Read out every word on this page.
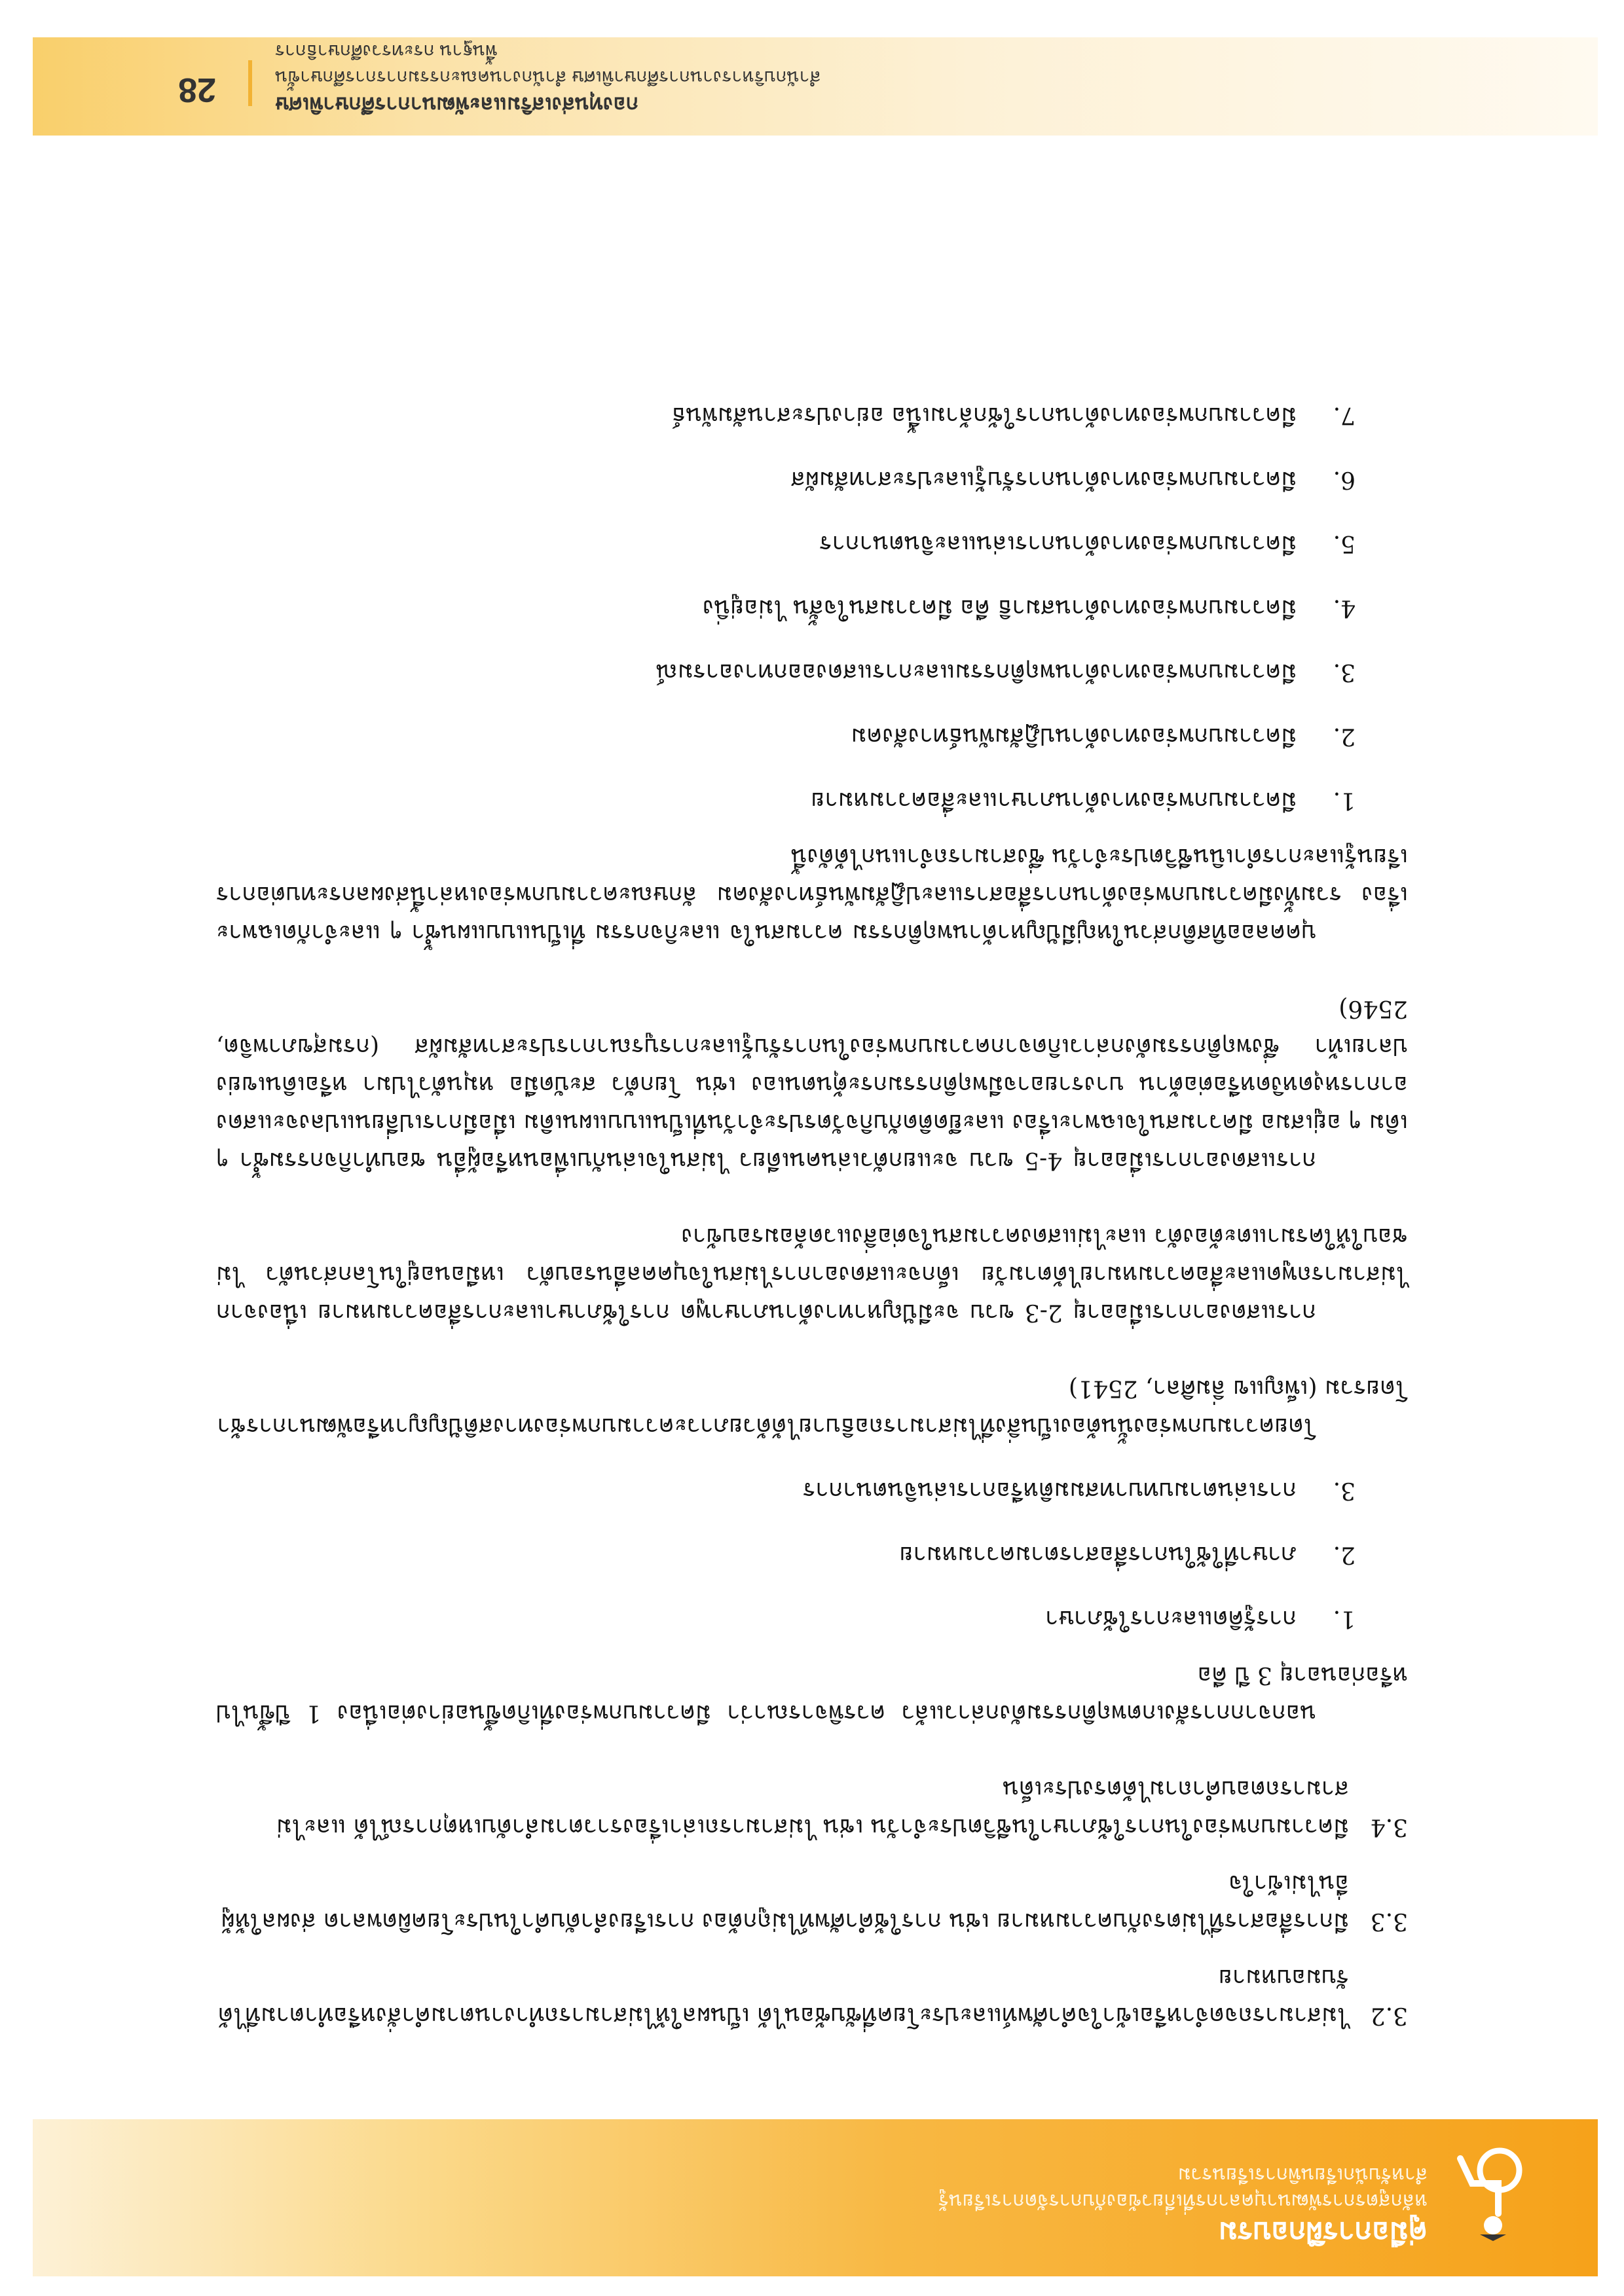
คู่มือการฝึกอบรม
หลักสูตรการพัฒนาบุคลากรที่เกี่ยวข้องกับการจัดการเรียนรู้
สำหรับนักเรียนพิการเรียนรวม
3.2
ไม่สามารถจดจำหรือเข้าใจคำศัพท์และประโยคที่ซับซ้อนได้ เป็นผลให้ไม่สามารถทำงานตามคำสั่งหรือทำตามที่ได้รับมอบหมาย
3.3
มีการสื่อสารที่ไม่ตรงกับความหมาย เช่น การใช้คำศัพท์ไม่ถูกต้อง การเรียงลำดับคำในประโยคผิดพลาด ส่งผลให้ผู้อื่นไม่เข้าใจ
3.4
มีความบกพร่องในการใช้ภาษาในชีวิตประจำวัน เช่น ไม่สามารถเล่าเรื่องราวตามลำดับเหตุการณ์ได้ และไม่สามารถตอบคำถามได้ตรงประเด็น

นอกจากการสังเกตพฤติกรรมดังกล่าวแล้ว ควรพิจารณาว่า มีความบกพร่องที่เกิดขึ้นอย่างต่อเนื่อง 1 ปีขึ้นไป หรือก่อนอายุ 3 ปี คือ

1.
การรู้คิดและการใช้ภาษา
2.
ภาษาที่ใช้ในการสื่อสารตามความหมาย
3.
การเล่นตามบทบาทสมมติหรือการเล่นจินตนาการ

โดยความบกพร่องนั้นต้องเป็นสิ่งที่ไม่สามารถอธิบายได้ด้วยภาวะความบกพร่องทางสติปัญญาหรือพัฒนาการช้าโดยรวม (เพ็ญแข ลิ่มศิลา, 2541)

การแสดงอาการเมื่ออายุ 2-3 ขวบ จะมีปัญหาทางด้านภาษาพูด การใช้ภาษาและการสื่อความหมาย เนื่องจากไม่สามารถพูดและสื่อความหมายได้ตามวัย เด็กจะแสดงอาการไม่สนใจบุคคลอื่นรอบตัว เหมือนอยู่ในโลกส่วนตัว ไม่ชอบให้ใครมาแตะต้องตัว และไม่แสดงความสนใจต่อสิ่งแวดล้อมรอบข้าง

การแสดงอาการเมื่ออายุ 4-5 ขวบ จะแยกตัวเล่นคนเดียว ไม่สนใจเล่นกับเพื่อนหรือผู้อื่น ชอบทำกิจกรรมซ้ำ ๆ เดิม ๆ อยู่เสมอ มีความสนใจเฉพาะเรื่อง และยึดติดกับกิจวัตรประจำวันที่เป็นแบบแผนเดิม เมื่อมีการเปลี่ยนแปลงจะแสดงอาการหงุดหงิดหรือต่อต้าน บางรายอาจมีพฤติกรรมกระตุ้นตนเอง เช่น โยกตัว สะบัดมือ หมุนตัวไปมา หรือเดินเขย่งปลายเท้า ซึ่งพฤติกรรมดังกล่าวเกิดจากความบกพร่องในการรับรู้และการบูรณาการประสาทสัมผัส (กรมสุขภาพจิต, 2546)

บุคคลออทิสติกส่วนใหญ่มีปัญหาด้านพฤติกรรม ความสนใจ และกิจกรรม ที่เป็นแบบแผนซ้ำ ๆ และจำกัดเฉพาะเรื่อง รวมทั้งมีความบกพร่องด้านการสื่อสารและปฏิสัมพันธ์ทางสังคม ลักษณะความบกพร่องเหล่านี้ส่งผลกระทบต่อการเรียนรู้และการดำเนินชีวิตประจำวัน ซึ่งสามารถจำแนกได้ดังนี้

1.
มีความบกพร่องทางด้านภาษาและสื่อความหมาย
2.
มีความบกพร่องทางด้านปฏิสัมพันธ์ทางสังคม
3.
มีความบกพร่องทางด้านพฤติกรรมและการแสดงออกทางอารมณ์
4.
มีความบกพร่องทางด้านสมาธิ คือ มีความสนใจสั้น ไม่อยู่นิ่ง
5.
มีความบกพร่องทางด้านการเล่นและจินตนาการ
6.
มีความบกพร่องทางด้านการรับรู้และประสาทสัมผัส
7.
มีความบกพร่องทางด้านการใช้กล้ามเนื้อ อย่างประสานสัมพันธ์
กองทุนส่งเสริมและพัฒนาการศึกษาพิเศษ
สำนักบริหารงานการศึกษาพิเศษ สำนักงานคณะกรรมการการศึกษาขั้นพื้นฐาน กระทรวงศึกษาธิการ
28
